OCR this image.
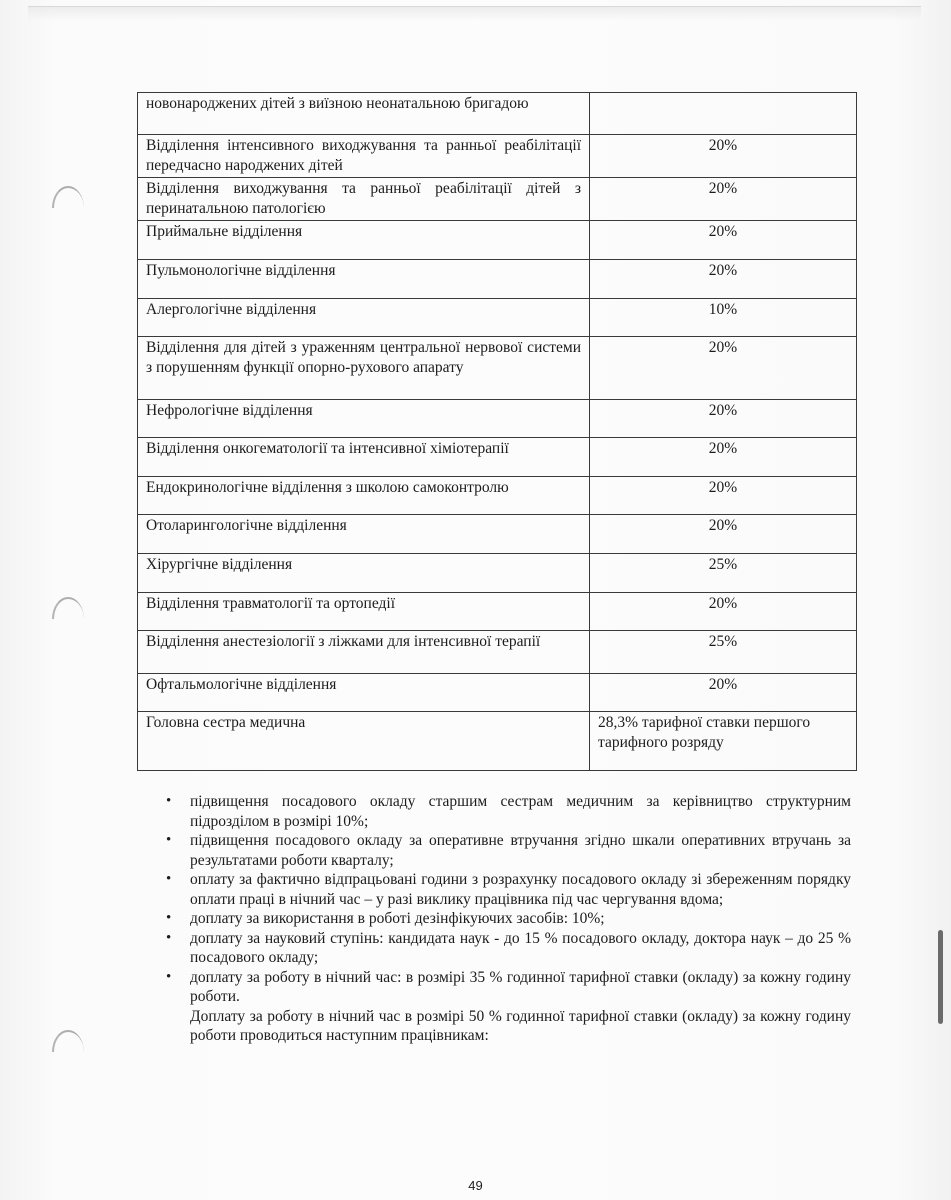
новонароджених дітей з виїзною неонатальною бригадою	
Відділення інтенсивного виходжування та ранньої реабілітації передчасно народжених дітей	20%
Відділення виходжування та ранньої реабілітації дітей з перинатальною патологією	20%
Приймальне відділення	20%
Пульмонологічне відділення	20%
Алергологічне відділення	10%
Відділення для дітей з ураженням центральної нервової системи з порушенням функції опорно-рухового апарату	20%
Нефрологічне відділення	20%
Відділення онкогематології та інтенсивної хіміотерапії	20%
Ендокринологічне відділення з школою самоконтролю	20%
Отоларингологічне відділення	20%
Хірургічне відділення	25%
Відділення травматології та ортопедії	20%
Відділення анестезіології з ліжками для інтенсивної терапії	25%
Офтальмологічне відділення	20%
Головна сестра медична	28,3% тарифної ставки першого тарифного розряду
• підвищення посадового окладу старшим сестрам медичним за керівництво структурним підрозділом в розмірі 10%;
• підвищення посадового окладу за оперативне втручання згідно шкали оперативних втручань за результатами роботи кварталу;
• оплату за фактично відпрацьовані години з розрахунку посадового окладу зі збереженням порядку оплати праці в нічний час – у разі виклику працівника під час чергування вдома;
• доплату за використання в роботі дезінфікуючих засобів: 10%;
• доплату за науковий ступінь: кандидата наук - до 15 % посадового окладу, доктора наук – до 25 % посадового окладу;
• доплату за роботу в нічний час: в розмірі 35 % годинної тарифної ставки (окладу) за кожну годину роботи.

Доплату за роботу в нічний час в розмірі 50 % годинної тарифної ставки (окладу) за кожну годину роботи проводиться наступним працівникам:

49
